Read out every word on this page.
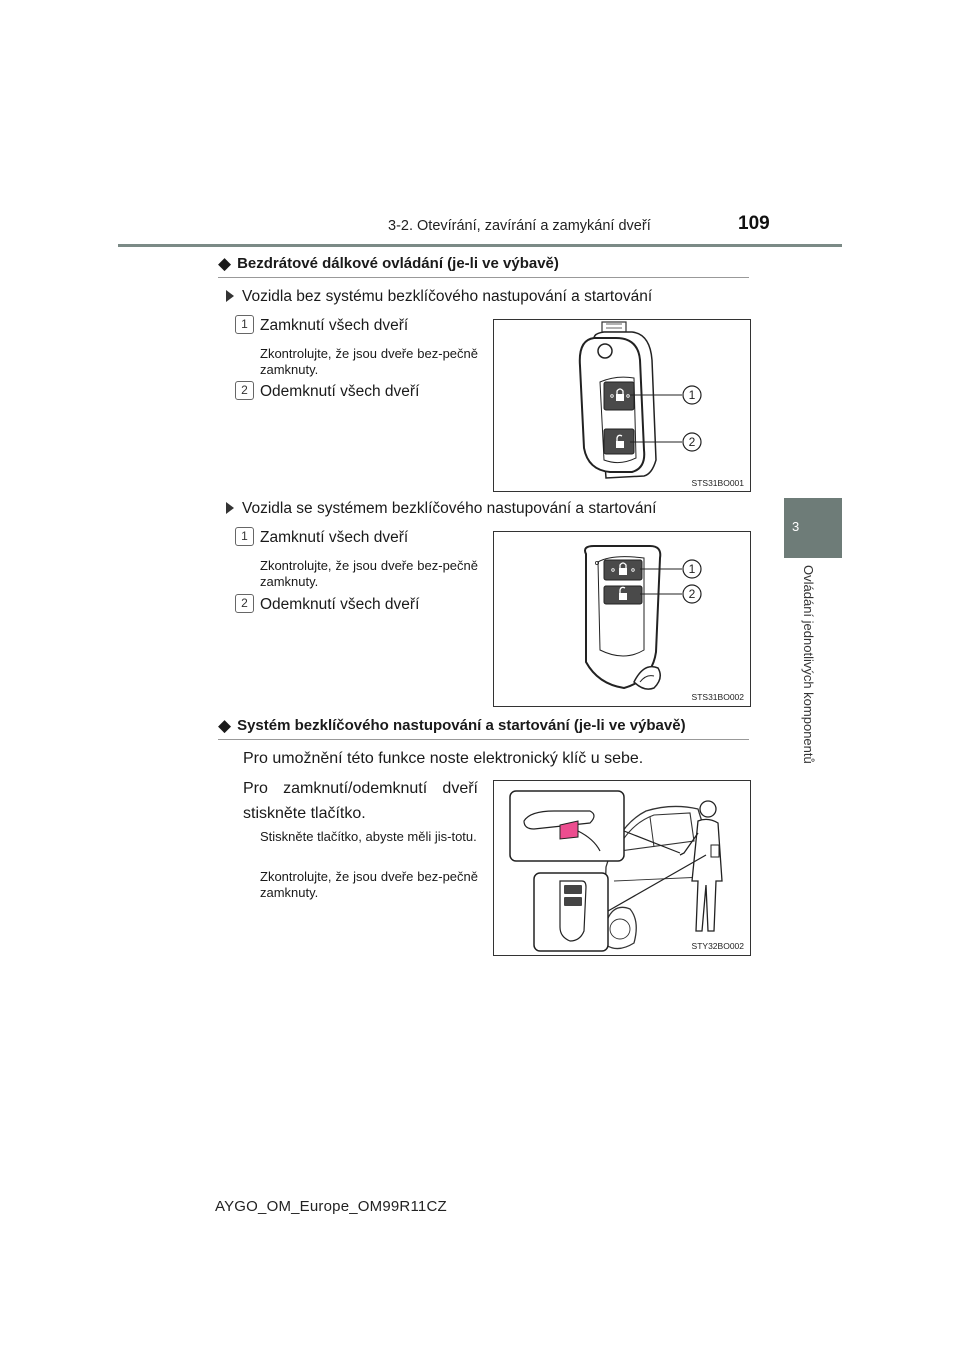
3-2. Otevírání, zavírání a zamykání dveří	109
3
Ovládání jednotlivých komponentů
◆ Bezdrátové dálkové ovládání (je-li ve výbavě)
Vozidla bez systému bezklíčového nastupování a startování
1 Zamknutí všech dveří
Zkontrolujte, že jsou dveře bez-pečně zamknuty.
2 Odemknutí všech dveří	1
2
STS31BO001
Vozidla se systémem bezklíčového nastupování a startování
1 Zamknutí všech dveří
Zkontrolujte, že jsou dveře bez-pečně zamknuty.
2 Odemknutí všech dveří
1
2
STS31BO002
◆ Systém bezklíčového nastupování a startování (je-li ve výbavě)
Pro umožnění této funkce noste elektronický klíč u sebe.
Pro zamknutí/odemknutí dveří stiskněte tlačítko.
Stiskněte tlačítko, abyste měli jis-totu.
Zkontrolujte, že jsou dveře bez-pečně zamknuty.
STY32BO002
AYGO_OM_Europe_OM99R11CZ
